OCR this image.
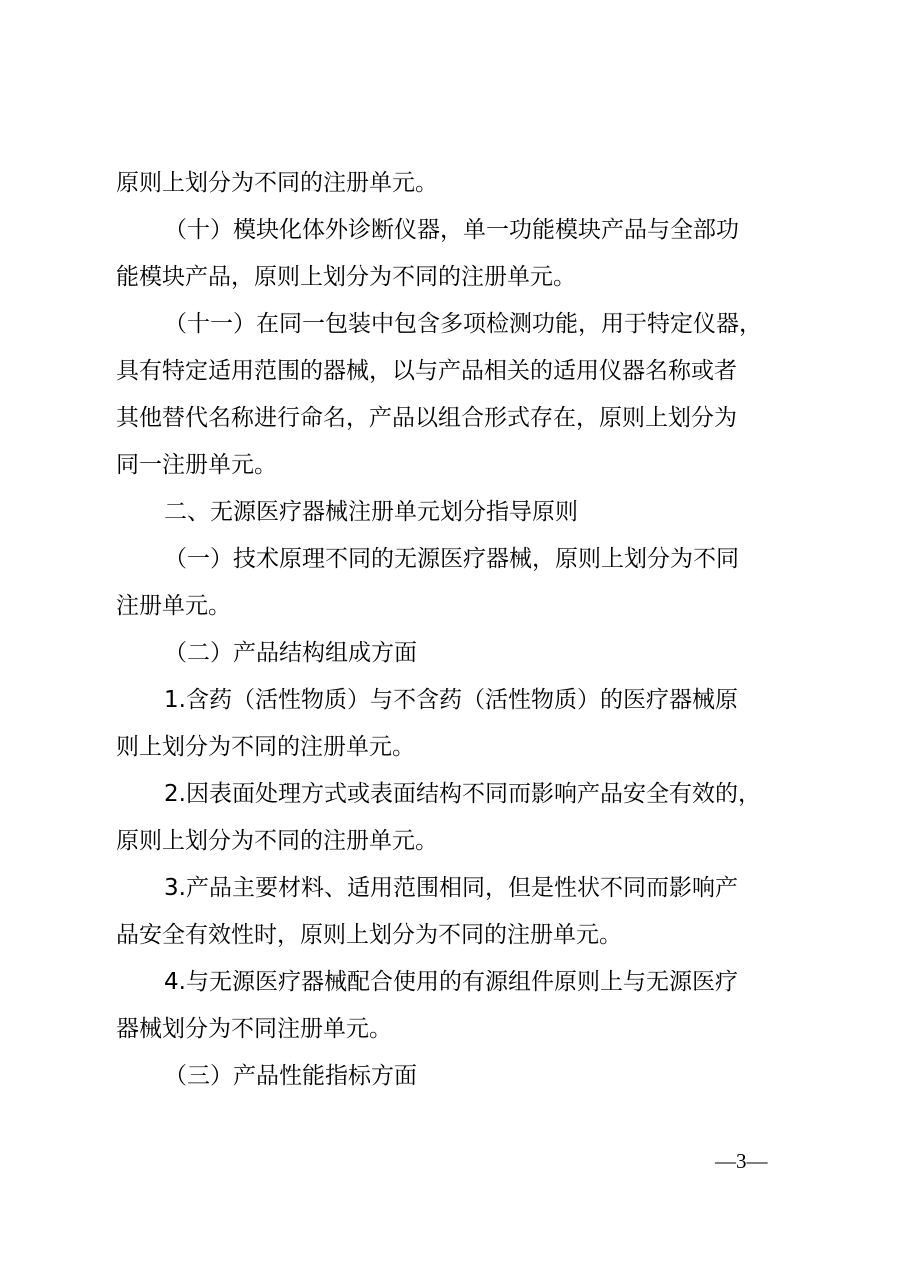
原则上划分为不同的注册单元。
（十）模块化体外诊断仪器，单一功能模块产品与全部功
能模块产品，原则上划分为不同的注册单元。
（十一）在同一包装中包含多项检测功能，用于特定仪器，
具有特定适用范围的器械，以与产品相关的适用仪器名称或者
其他替代名称进行命名，产品以组合形式存在，原则上划分为
同一注册单元。
二、无源医疗器械注册单元划分指导原则
（一）技术原理不同的无源医疗器械，原则上划分为不同
注册单元。
（二）产品结构组成方面
1.含药（活性物质）与不含药（活性物质）的医疗器械原
则上划分为不同的注册单元。
2.因表面处理方式或表面结构不同而影响产品安全有效的，
原则上划分为不同的注册单元。
3.产品主要材料、适用范围相同，但是性状不同而影响产
品安全有效性时，原则上划分为不同的注册单元。
4.与无源医疗器械配合使用的有源组件原则上与无源医疗
器械划分为不同注册单元。
（三）产品性能指标方面
—3—
